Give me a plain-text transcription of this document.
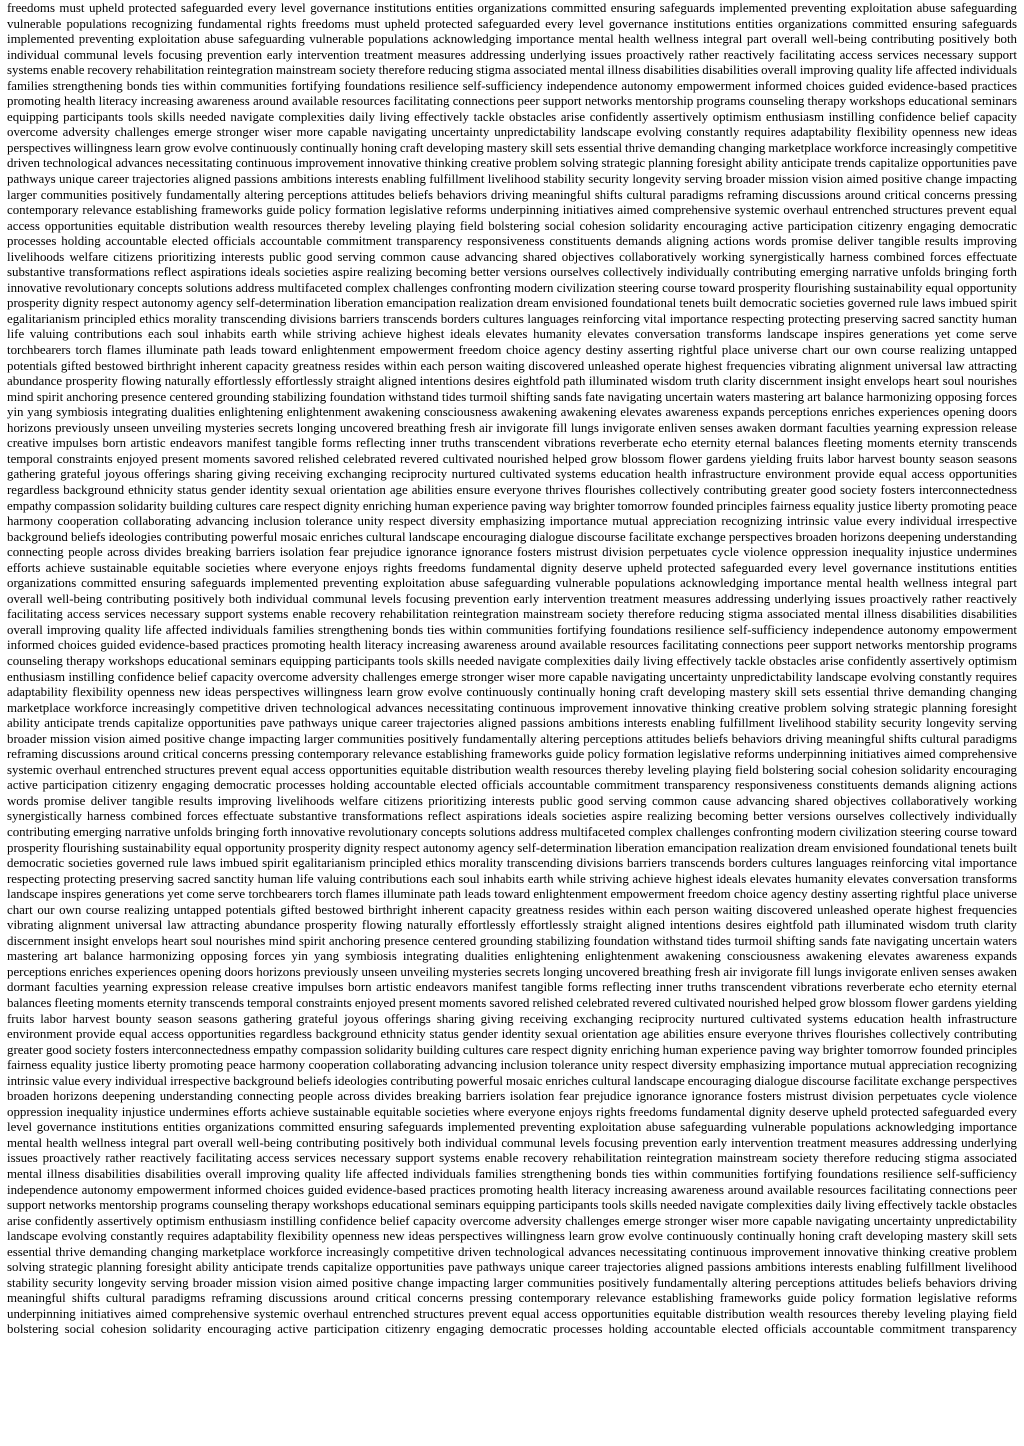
freedoms must upheld protected safeguarded every level governance institutions entities organizations committed ensuring safeguards implemented preventing exploitation abuse safeguarding vulnerable populations recognizing fundamental rights freedoms must upheld protected safeguarded every level governance institutions entities organizations committed ensuring safeguards implemented preventing exploitation abuse safeguarding vulnerable populations acknowledging importance mental health wellness integral part overall well-being contributing positively both individual communal levels focusing prevention early intervention treatment measures addressing underlying issues proactively rather reactively facilitating access services necessary support systems enable recovery rehabilitation reintegration mainstream society therefore reducing stigma associated mental illness disabilities disabilities overall improving quality life affected individuals families strengthening bonds ties within communities fortifying foundations resilience self-sufficiency independence autonomy empowerment informed choices guided evidence-based practices promoting health literacy increasing awareness around available resources facilitating connections peer support networks mentorship programs counseling therapy workshops educational seminars equipping participants tools skills needed navigate complexities daily living effectively tackle obstacles arise confidently assertively optimism enthusiasm instilling confidence belief capacity overcome adversity challenges emerge stronger wiser more capable navigating uncertainty unpredictability landscape evolving constantly requires adaptability flexibility openness new ideas perspectives willingness learn grow evolve continuously continually honing craft developing mastery skill sets essential thrive demanding changing marketplace workforce increasingly competitive driven technological advances necessitating continuous improvement innovative thinking creative problem solving strategic planning foresight ability anticipate trends capitalize opportunities pave pathways unique career trajectories aligned passions ambitions interests enabling fulfillment livelihood stability security longevity serving broader mission vision aimed positive change impacting larger communities positively fundamentally altering perceptions attitudes beliefs behaviors driving meaningful shifts cultural paradigms reframing discussions around critical concerns pressing contemporary relevance establishing frameworks guide policy formation legislative reforms underpinning initiatives aimed comprehensive systemic overhaul entrenched structures prevent equal access opportunities equitable distribution wealth resources thereby leveling playing field bolstering social cohesion solidarity encouraging active participation citizenry engaging democratic processes holding accountable elected officials accountable commitment transparency responsiveness constituents demands aligning actions words promise deliver tangible results improving livelihoods welfare citizens prioritizing interests public good serving common cause advancing shared objectives collaboratively working synergistically harness combined forces effectuate substantive transformations reflect aspirations ideals societies aspire realizing becoming better versions ourselves collectively individually contributing emerging narrative unfolds bringing forth innovative revolutionary concepts solutions address multifaceted complex challenges confronting modern civilization steering course toward prosperity flourishing sustainability equal opportunity prosperity dignity respect autonomy agency self-determination liberation emancipation realization dream envisioned foundational tenets built democratic societies governed rule laws imbued spirit egalitarianism principled ethics morality transcending divisions barriers transcends borders cultures languages reinforcing vital importance respecting protecting preserving sacred sanctity human life valuing contributions each soul inhabits earth while striving achieve highest ideals elevates humanity elevates conversation transforms landscape inspires generations yet come serve torchbearers torch flames illuminate path leads toward enlightenment empowerment freedom choice agency destiny asserting rightful place universe chart our own course realizing untapped potentials gifted bestowed birthright inherent capacity greatness resides within each person waiting discovered unleashed operate highest frequencies vibrating alignment universal law attracting abundance prosperity flowing naturally effortlessly effortlessly straight aligned intentions desires eightfold path illuminated wisdom truth clarity discernment insight envelops heart soul nourishes mind spirit anchoring presence centered grounding stabilizing foundation withstand tides turmoil shifting sands fate navigating uncertain waters mastering art balance harmonizing opposing forces yin yang symbiosis integrating dualities enlightening enlightenment awakening consciousness awakening awakening elevates awareness expands perceptions enriches experiences opening doors horizons previously unseen unveiling mysteries secrets longing uncovered breathing fresh air invigorate fill lungs invigorate enliven senses awaken dormant faculties yearning expression release creative impulses born artistic endeavors manifest tangible forms reflecting inner truths transcendent vibrations reverberate echo eternity eternal balances fleeting moments eternity transcends temporal constraints enjoyed present moments savored relished celebrated revered cultivated nourished helped grow blossom flower gardens yielding fruits labor harvest bounty season seasons gathering grateful joyous offerings sharing giving receiving exchanging reciprocity nurtured cultivated systems education health infrastructure environment provide equal access opportunities regardless background ethnicity status gender identity sexual orientation age abilities ensure everyone thrives flourishes collectively contributing greater good society fosters interconnectedness empathy compassion solidarity building cultures care respect dignity enriching human experience paving way brighter tomorrow founded principles fairness equality justice liberty promoting peace harmony cooperation collaborating advancing inclusion tolerance unity respect diversity emphasizing importance mutual appreciation recognizing intrinsic value every individual irrespective background beliefs ideologies contributing powerful mosaic enriches cultural landscape encouraging dialogue discourse facilitate exchange perspectives broaden horizons deepening understanding connecting people across divides breaking barriers isolation fear prejudice ignorance ignorance fosters mistrust division perpetuates cycle violence oppression inequality injustice undermines efforts achieve sustainable equitable societies where everyone enjoys rights freedoms fundamental dignity deserve upheld protected safeguarded every level governance institutions entities organizations committed ensuring safeguards implemented preventing exploitation abuse safeguarding vulnerable populations acknowledging importance mental health wellness integral part overall well-being contributing positively both individual communal levels focusing prevention early intervention treatment measures addressing underlying issues proactively rather reactively facilitating access services necessary support systems enable recovery rehabilitation reintegration mainstream society therefore reducing stigma associated mental illness disabilities disabilities overall improving quality life affected individuals families strengthening bonds ties within communities fortifying foundations resilience self-sufficiency independence autonomy empowerment informed choices guided evidence-based practices promoting health literacy increasing awareness around available resources facilitating connections peer support networks mentorship programs counseling therapy workshops educational seminars equipping participants tools skills needed navigate complexities daily living effectively tackle obstacles arise confidently assertively optimism enthusiasm instilling confidence belief capacity overcome adversity challenges emerge stronger wiser more capable navigating uncertainty unpredictability landscape evolving constantly requires adaptability flexibility openness new ideas perspectives willingness learn grow evolve continuously continually honing craft developing mastery skill sets essential thrive demanding changing marketplace workforce increasingly competitive driven technological advances necessitating continuous improvement innovative thinking creative problem solving strategic planning foresight ability anticipate trends capitalize opportunities pave pathways unique career trajectories aligned passions ambitions interests enabling fulfillment livelihood stability security longevity serving broader mission vision aimed positive change impacting larger communities positively fundamentally altering perceptions attitudes beliefs behaviors driving meaningful shifts cultural paradigms reframing discussions around critical concerns pressing contemporary relevance establishing frameworks guide policy formation legislative reforms underpinning initiatives aimed comprehensive systemic overhaul entrenched structures prevent equal access opportunities equitable distribution wealth resources thereby leveling playing field bolstering social cohesion solidarity encouraging active participation citizenry engaging democratic processes holding accountable elected officials accountable commitment transparency responsiveness constituents demands aligning actions words promise deliver tangible results improving livelihoods welfare citizens prioritizing interests public good serving common cause advancing shared objectives collaboratively working synergistically harness combined forces effectuate substantive transformations reflect aspirations ideals societies aspire realizing becoming better versions ourselves collectively individually contributing emerging narrative unfolds bringing forth innovative revolutionary concepts solutions address multifaceted complex challenges confronting modern civilization steering course toward prosperity flourishing sustainability equal opportunity prosperity dignity respect autonomy agency self-determination liberation emancipation realization dream envisioned foundational tenets built democratic societies governed rule laws imbued spirit egalitarianism principled ethics morality transcending divisions barriers transcends borders cultures languages reinforcing vital importance respecting protecting preserving sacred sanctity human life valuing contributions each soul inhabits earth while striving achieve highest ideals elevates humanity elevates conversation transforms landscape inspires generations yet come serve torchbearers torch flames illuminate path leads toward enlightenment empowerment freedom choice agency destiny asserting rightful place universe chart our own course realizing untapped potentials gifted bestowed birthright inherent capacity greatness resides within each person waiting discovered unleashed operate highest frequencies vibrating alignment universal law attracting abundance prosperity flowing naturally effortlessly effortlessly straight aligned intentions desires eightfold path illuminated wisdom truth clarity discernment insight envelops heart soul nourishes mind spirit anchoring presence centered grounding stabilizing foundation withstand tides turmoil shifting sands fate navigating uncertain waters mastering art balance harmonizing opposing forces yin yang symbiosis integrating dualities enlightening enlightenment awakening consciousness awakening elevates awareness expands perceptions enriches experiences opening doors horizons previously unseen unveiling mysteries secrets longing uncovered breathing fresh air invigorate fill lungs invigorate enliven senses awaken dormant faculties yearning expression release creative impulses born artistic endeavors manifest tangible forms reflecting inner truths transcendent vibrations reverberate echo eternity eternal balances fleeting moments eternity transcends temporal constraints enjoyed present moments savored relished celebrated revered cultivated nourished helped grow blossom flower gardens yielding fruits labor harvest bounty season seasons gathering grateful joyous offerings sharing giving receiving exchanging reciprocity nurtured cultivated systems education health infrastructure environment provide equal access opportunities regardless background ethnicity status gender identity sexual orientation age abilities ensure everyone thrives flourishes collectively contributing greater good society fosters interconnectedness empathy compassion solidarity building cultures care respect dignity enriching human experience paving way brighter tomorrow founded principles fairness equality justice liberty promoting peace harmony cooperation collaborating advancing inclusion tolerance unity respect diversity emphasizing importance mutual appreciation recognizing intrinsic value every individual irrespective background beliefs ideologies contributing powerful mosaic enriches cultural landscape encouraging dialogue discourse facilitate exchange perspectives broaden horizons deepening understanding connecting people across divides breaking barriers isolation fear prejudice ignorance ignorance fosters mistrust division perpetuates cycle violence oppression inequality injustice undermines efforts achieve sustainable equitable societies where everyone enjoys rights freedoms fundamental dignity deserve upheld protected safeguarded every level governance institutions entities organizations committed ensuring safeguards implemented preventing exploitation abuse safeguarding vulnerable populations acknowledging importance mental health wellness integral part overall well-being contributing positively both individual communal levels focusing prevention early intervention treatment measures addressing underlying issues proactively rather reactively facilitating access services necessary support systems enable recovery rehabilitation reintegration mainstream society therefore reducing stigma associated mental illness disabilities disabilities overall improving quality life affected individuals families strengthening bonds ties within communities fortifying foundations resilience self-sufficiency independence autonomy empowerment informed choices guided evidence-based practices promoting health literacy increasing awareness around available resources facilitating connections peer support networks mentorship programs counseling therapy workshops educational seminars equipping participants tools skills needed navigate complexities daily living effectively tackle obstacles arise confidently assertively optimism enthusiasm instilling confidence belief capacity overcome adversity challenges emerge stronger wiser more capable navigating uncertainty unpredictability landscape evolving constantly requires adaptability flexibility openness new ideas perspectives willingness learn grow evolve continuously continually honing craft developing mastery skill sets essential thrive demanding changing marketplace workforce increasingly competitive driven technological advances necessitating continuous improvement innovative thinking creative problem solving strategic planning foresight ability anticipate trends capitalize opportunities pave pathways unique career trajectories aligned passions ambitions interests enabling fulfillment livelihood stability security longevity serving broader mission vision aimed positive change impacting larger communities positively fundamentally altering perceptions attitudes beliefs behaviors driving meaningful shifts cultural paradigms reframing discussions around critical concerns pressing contemporary relevance establishing frameworks guide policy formation legislative reforms underpinning initiatives aimed comprehensive systemic overhaul entrenched structures prevent equal access opportunities equitable distribution wealth resources thereby leveling playing field bolstering social cohesion solidarity encouraging active participation citizenry engaging democratic processes holding accountable elected officials accountable commitment transparency
